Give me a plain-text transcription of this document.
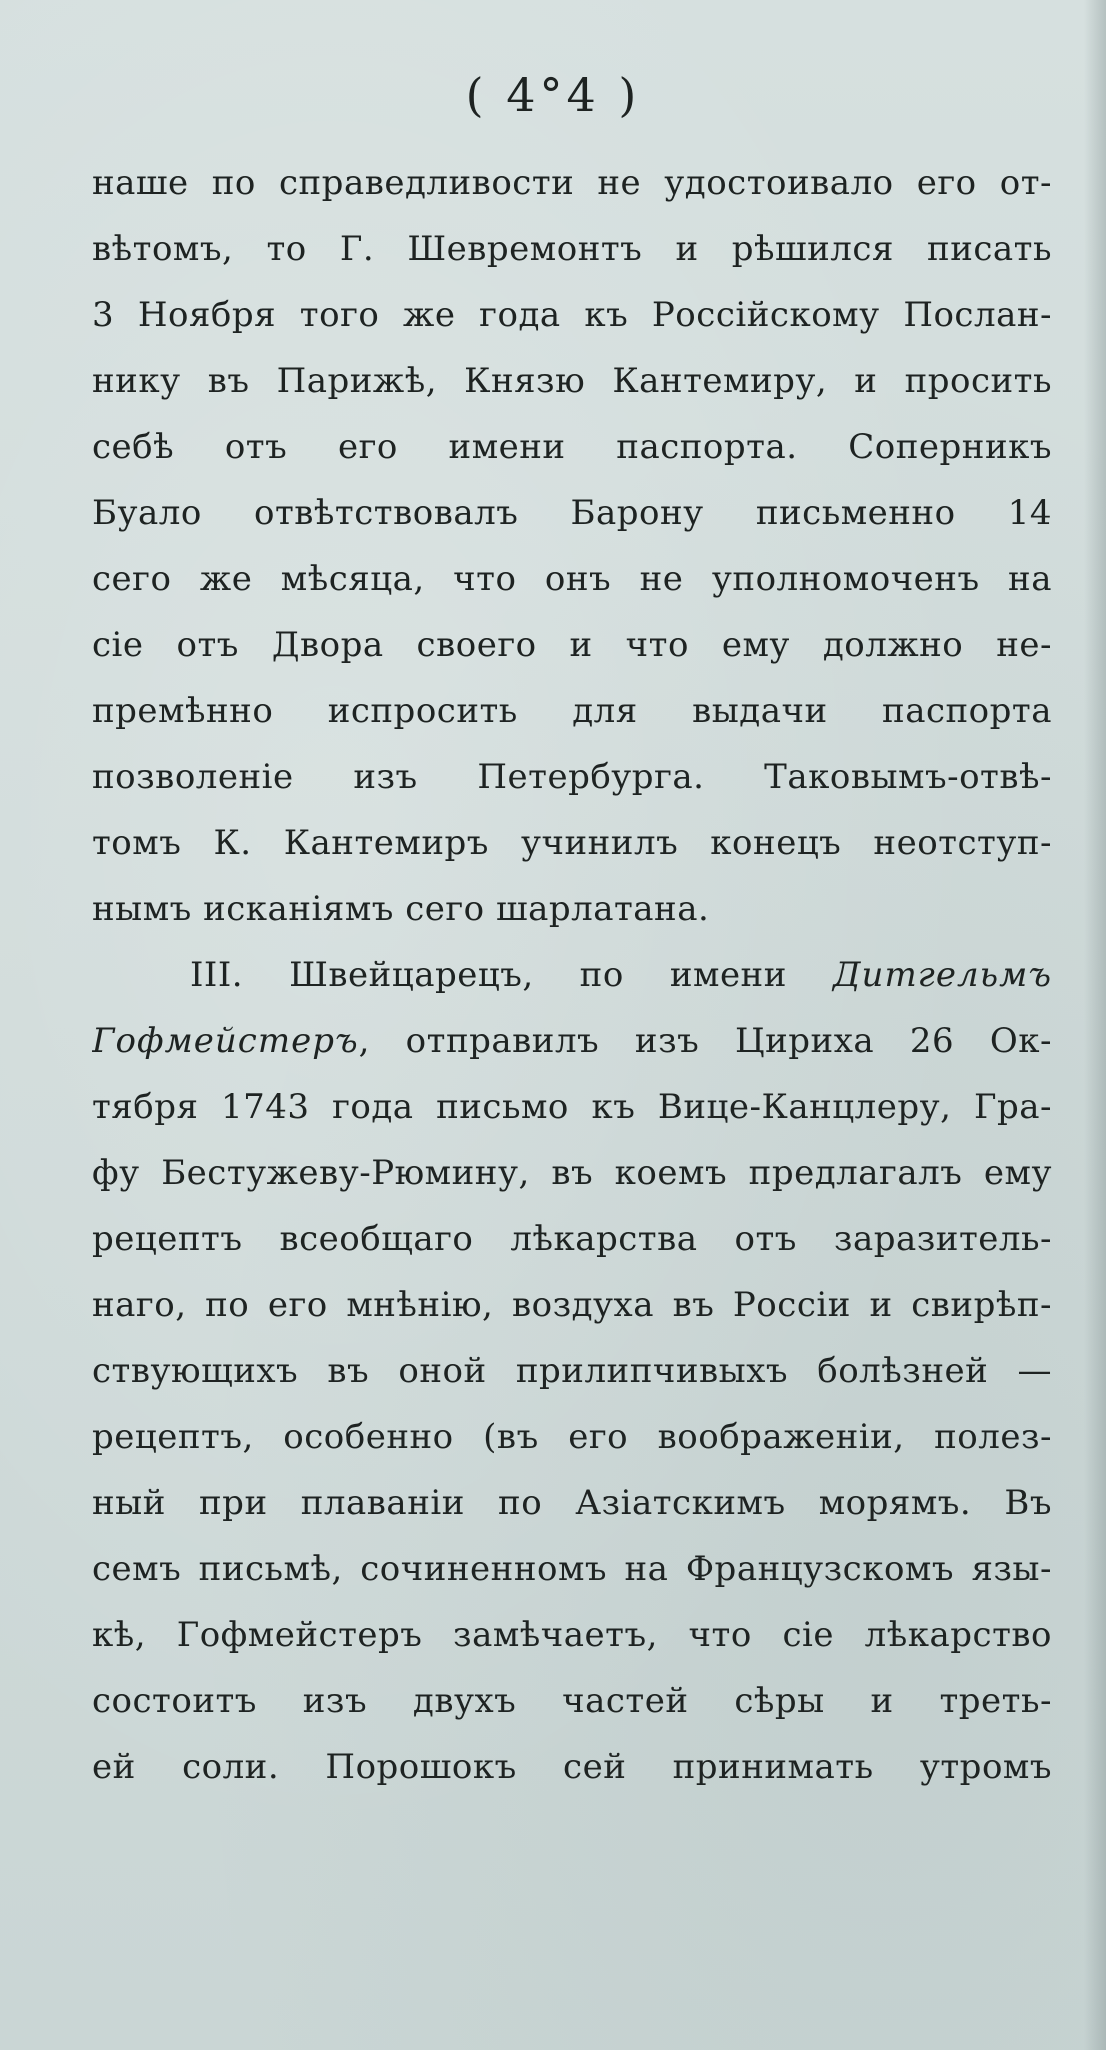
( 4°4 )
наше по справедливости не удостоивало его от-
вѣтомъ, то Г. Шевремонтъ и рѣшился писать
3 Ноября того же года къ Россійскому Послан-
нику въ Парижѣ, Князю Кантемиру, и просить
себѣ отъ его имени паспорта. Соперникъ
Буало отвѣтствовалъ Барону письменно 14
сего же мѣсяца, что онъ не уполномоченъ на
сіе отъ Двора своего и что ему должно не-
премѣнно испросить для выдачи паспорта
позволеніе изъ Петербурга. Таковымъ-отвѣ-
томъ К. Кантемиръ учинилъ конецъ неотступ-
нымъ исканіямъ сего шарлатана.
III. Швейцарецъ, по имени Дитгельмъ
Гофмейстеръ, отправилъ изъ Цириха 26 Ок-
тября 1743 года письмо къ Вице-Канцлеру, Гра-
фу Бестужеву-Рюмину, въ коемъ предлагалъ ему
рецептъ всеобщаго лѣкарства отъ заразитель-
наго, по его мнѣнію, воздуха въ Россіи и свирѣп-
ствующихъ въ оной прилипчивыхъ болѣзней —
рецептъ, особенно (въ его воображеніи, полез-
ный при плаваніи по Азіатскимъ морямъ. Въ
семъ письмѣ, сочиненномъ на Французскомъ язы-
кѣ, Гофмейстеръ замѣчаетъ, что сіе лѣкарство
состоитъ изъ двухъ частей сѣры и треть-
ей соли. Порошокъ сей принимать утромъ
